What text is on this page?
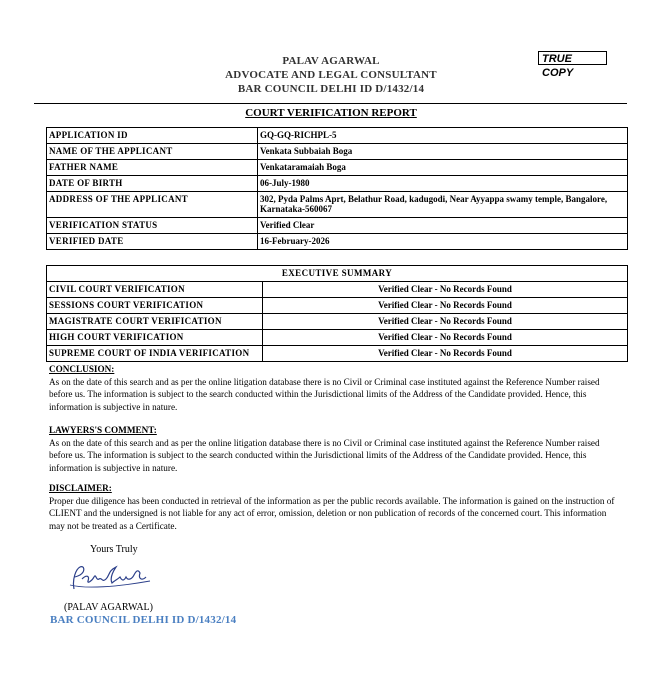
PALAV AGARWAL
ADVOCATE AND LEGAL CONSULTANT
BAR COUNCIL DELHI ID D/1432/14
TRUE COPY
COURT VERIFICATION REPORT
APPLICATION ID	GQ-GQ-RICHPL-5
NAME OF THE APPLICANT	Venkata Subbaiah Boga
FATHER NAME	Venkataramaiah Boga
DATE OF BIRTH	06-July-1980
ADDRESS OF THE APPLICANT	302, Pyda Palms Aprt, Belathur Road, kadugodi, Near Ayyappa swamy temple, Bangalore, Karnataka-560067
VERIFICATION STATUS	Verified Clear
VERIFIED DATE	16-February-2026
EXECUTIVE SUMMARY	
CIVIL COURT VERIFICATION	Verified Clear - No Records Found
SESSIONS COURT VERIFICATION	Verified Clear - No Records Found
MAGISTRATE COURT VERIFICATION	Verified Clear - No Records Found
HIGH COURT VERIFICATION	Verified Clear - No Records Found
SUPREME COURT OF INDIA VERIFICATION	Verified Clear - No Records Found
CONCLUSION:
As on the date of this search and as per the online litigation database there is no Civil or Criminal case instituted against the Reference Number raised before us. The information is subject to the search conducted within the Jurisdictional limits of the Address of the Candidate provided. Hence, this information is subjective in nature.
LAWYERS'S COMMENT:
As on the date of this search and as per the online litigation database there is no Civil or Criminal case instituted against the Reference Number raised before us. The information is subject to the search conducted within the Jurisdictional limits of the Address of the Candidate provided. Hence, this information is subjective in nature.
DISCLAIMER:
Proper due diligence has been conducted in retrieval of the information as per the public records available. The information is gained on the instruction of CLIENT and the undersigned is not liable for any act of error, omission, deletion or non publication of records of the concerned court. This information may not be treated as a Certificate.
Yours Truly
(PALAV AGARWAL)
BAR COUNCIL DELHI ID D/1432/14
